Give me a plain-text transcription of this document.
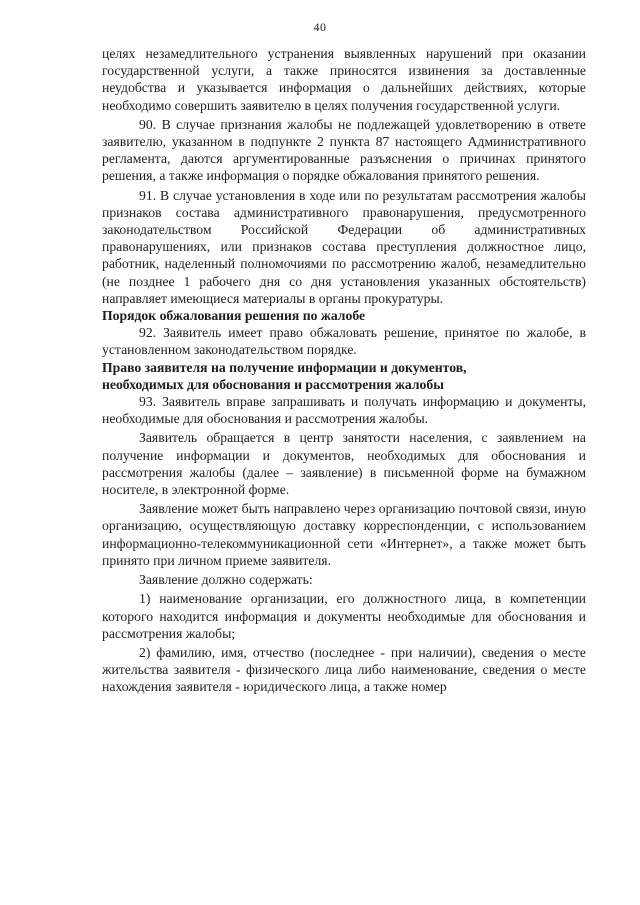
40

целях незамедлительного устранения выявленных нарушений при оказании государственной услуги, а также приносятся извинения за доставленные неудобства и указывается информация о дальнейших действиях, которые необходимо совершить заявителю в целях получения государственной услуги.

90. В случае признания жалобы не подлежащей удовлетворению в ответе заявителю, указанном в подпункте 2 пункта 87 настоящего Административного регламента, даются аргументированные разъяснения о причинах принятого решения, а также информация о порядке обжалования принятого решения.

91. В случае установления в ходе или по результатам рассмотрения жалобы признаков состава административного правонарушения, предусмотренного законодательством Российской Федерации об административных правонарушениях, или признаков состава преступления должностное лицо, работник, наделенный полномочиями по рассмотрению жалоб, незамедлительно (не позднее 1 рабочего дня со дня установления указанных обстоятельств) направляет имеющиеся материалы в органы прокуратуры.

Порядок обжалования решения по жалобе

92. Заявитель имеет право обжаловать решение, принятое по жалобе, в установленном законодательством порядке.

Право заявителя на получение информации и документов,
необходимых для обоснования и рассмотрения жалобы

93. Заявитель вправе запрашивать и получать информацию и документы, необходимые для обоснования и рассмотрения жалобы.

Заявитель обращается в центр занятости населения, с заявлением на получение информации и документов, необходимых для обоснования и рассмотрения жалобы (далее – заявление) в письменной форме на бумажном носителе, в электронной форме.

Заявление может быть направлено через организацию почтовой связи, иную организацию, осуществляющую доставку корреспонденции, с использованием информационно-телекоммуникационной сети «Интернет», а также может быть принято при личном приеме заявителя.

Заявление должно содержать:

1) наименование организации, его должностного лица, в компетенции которого находится информация и документы необходимые для обоснования и рассмотрения жалобы;

2) фамилию, имя, отчество (последнее - при наличии), сведения о месте жительства заявителя - физического лица либо наименование, сведения о месте нахождения заявителя - юридического лица, а также номер
